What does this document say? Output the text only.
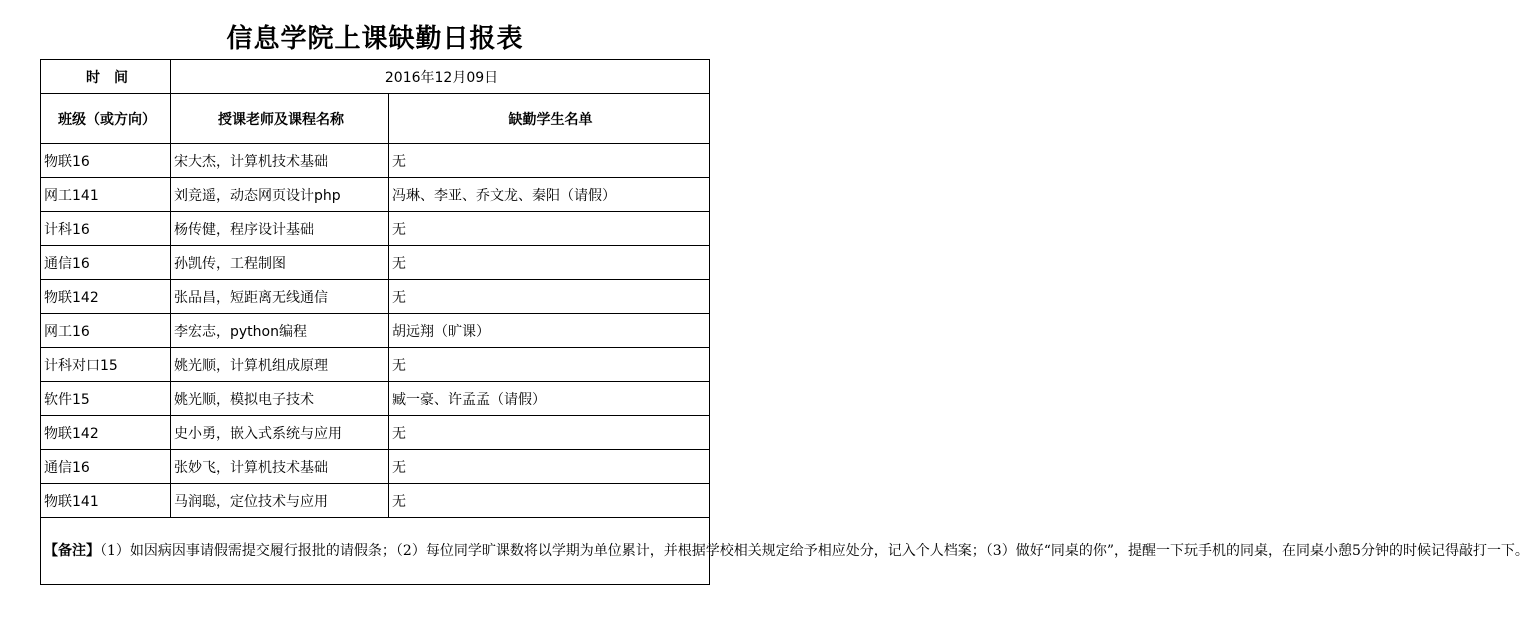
信息学院上课缺勤日报表
时　间	2016年12月09日	
班级（或方向）	授课老师及课程名称	缺勤学生名单
物联16	宋大杰，计算机技术基础	无
网工141	刘竞遥，动态网页设计php	冯琳、李亚、乔文龙、秦阳（请假）
计科16	杨传健，程序设计基础	无
通信16	孙凯传，工程制图	无
物联142	张品昌，短距离无线通信	无
网工16	李宏志，python编程	胡远翔（旷课）
计科对口15	姚光顺，计算机组成原理	无
软件15	姚光顺，模拟电子技术	臧一豪、许孟孟（请假）
物联142	史小勇，嵌入式系统与应用	无
通信16	张妙飞，计算机技术基础	无
物联141	马润聪，定位技术与应用	无
【备注】（1）如因病因事请假需提交履行报批的请假条；（2）每位同学旷课数将以学期为单位累计，并根据学校相关规定给予相应处分，记入个人档案；（3）做好“同桌的你”，提醒一下玩手机的同桌，在同桌小憩5分钟的时候记得敲打一下。		
